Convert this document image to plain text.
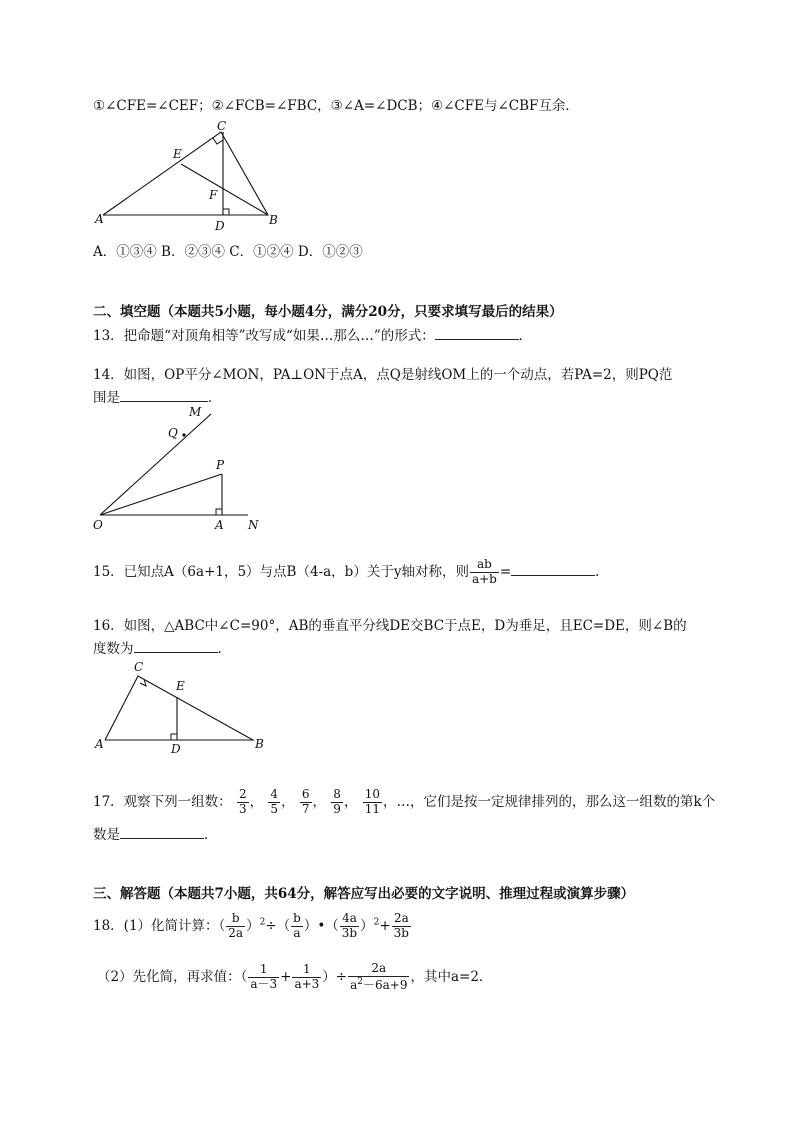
①∠CFE=∠CEF；②∠FCB=∠FBC，③∠A=∠DCB；④∠CFE与∠CBF互余．
C
E
F
A	D	B
A．①③④ B．②③④ C．①②④ D．①②③
二、填空题（本题共5小题，每小题4分，满分20分，只要求填写最后的结果）
13．把命题“对顶角相等”改写成“如果…那么…”的形式：	．
14．如图，OP平分∠MON，PA⊥ON于点A，点Q是射线OM上的一个动点，若PA=2，则PQ范
围是	．
M
Q
P
O	A N
15．已知点A（6a+1，5）与点B（4-a，b）关于y轴对称，则 $\frac{ab}{a+b}$ =	．
16．如图，△ABC中∠C=90°，AB的垂直平分线DE交BC于点E，D为垂足，且EC=DE，则∠B的
度数为	．
C
E
A	D	B
17．观察下列一组数： $\frac{2}{3}$ ， $\frac{4}{5}$ ， $\frac{6}{7}$ ， $\frac{8}{9}$ ， $\frac{10}{11}$ ，…，它们是按一定规律排列的，那么这一组数的第k个
数是	．
三、解答题（本题共7小题，共64分，解答应写出必要的文字说明、推理过程或演算步骤）
18．(1）化简计算：（ $\frac{b}{2a} )^2\div( \frac{b}{a}$ ）•（ $\frac{4a}{3b} )^2+ \frac{2a}{3b}$
（2）先化简，再求值：（ $\frac{1}{a-3} + \frac{1}{a+3}$ ）÷ $\frac{2a}{a^2-6a+9}$ ，其中a=2．
